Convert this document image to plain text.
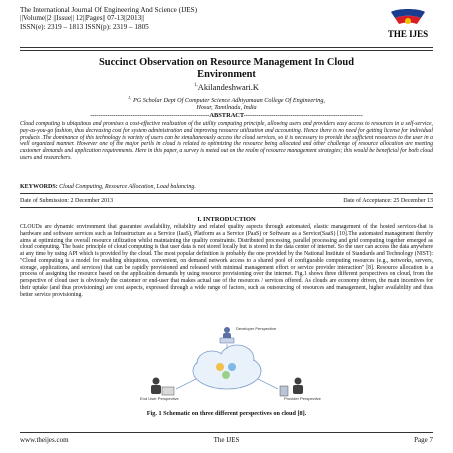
The International Journal Of Engineering And Science (IJES)
||Volume||2 ||Issue|| 12||Pages|| 07-13||2013||
ISSN(e): 2319 – 1813 ISSN(p): 2319 – 1805
THE IJES
Succinct Observation on Resource Management In Cloud
Environment
$^{1,}$Akilandeshwari.K
$^{1,}$ PG Scholar Dept Of Computer Science Adhiyamaan College Of Engineering,
Hosur, Tamilnadu, India
--------------------------------------------------------ABSTRACT--------------------------------------------------------
Cloud computing is ubiquitous and promises a cost-effective realization of the utility computing principle, allowing users and providers easy access to resources in a self-service, pay-as-you-go fashion, thus decreasing cost for system administration and improving resource utilization and accounting. Hence there is no need for getting license for individual products .The dominance of this technology is variety of users can be simultaneously access the cloud services, so it is necessary to provide the sufficient resources to the user in a well organized manner. However one of the major perils in cloud is related to optimizing the resource being allocated and other challenge of resource allocation are meeting customer demands and application requirements. Here in this paper, a survey is meted out on the realm of resource management strategies; this would be beneficial for both cloud users and researchers.
KEYWORDS: Cloud Computing, Resource Allocation, Load balancing.
Date of Submission: 2 December 2013	Date of Acceptance: 25 December 13
I. INTRODUCTION
CLOUDs are dynamic environment that guarantee availability, reliability and related quality aspects through automated, elastic management of the hosted services-that is hardware and software services such as Infrastructure as a Service (IaaS), Platform as a Service (PaaS) or Software as a Service(SaaS) [10].The automated management thereby aims at optimizing the overall resource utilization whilst maintaining the quality constraints. Distributed processing, parallel processing and grid computing together emerged as cloud computing. The basic principle of cloud computing is that user data is not stored locally but is stored in the data center of internet. So the user can access the data anywhere at any time by using API which is provided by the cloud. The most popular definition is probably the one provided by the National Institute of Standards and Technology (NIST): "Cloud computing is a model for enabling ubiquitous, convenient, on demand network access to a shared pool of configurable computing resources (e.g., networks, servers, storage, applications, and services) that can be rapidly provisioned and released with minimal management effort or service provider interaction" [8]. Resource allocation is a process of assigning the resource based on the application demands by using resource provisioning over the internet. Fig.1 shows three different perspectives on cloud, from the perspective of cloud user is obviously the customer or end-user that makes actual use of the resources / services offered. As clouds are economy driven, the main incentives for their uptake (and thus provisioning) are cost aspects, expressed through a wide range of factors, such as outsourcing of resources and management, higher availability and thus better service provisioning.
Developer Perspective
End User Perspective	Provider Perspective
Fig. 1 Schematic on three different perspectives on cloud [8].
www.theijes.com	The IJES	Page 7
